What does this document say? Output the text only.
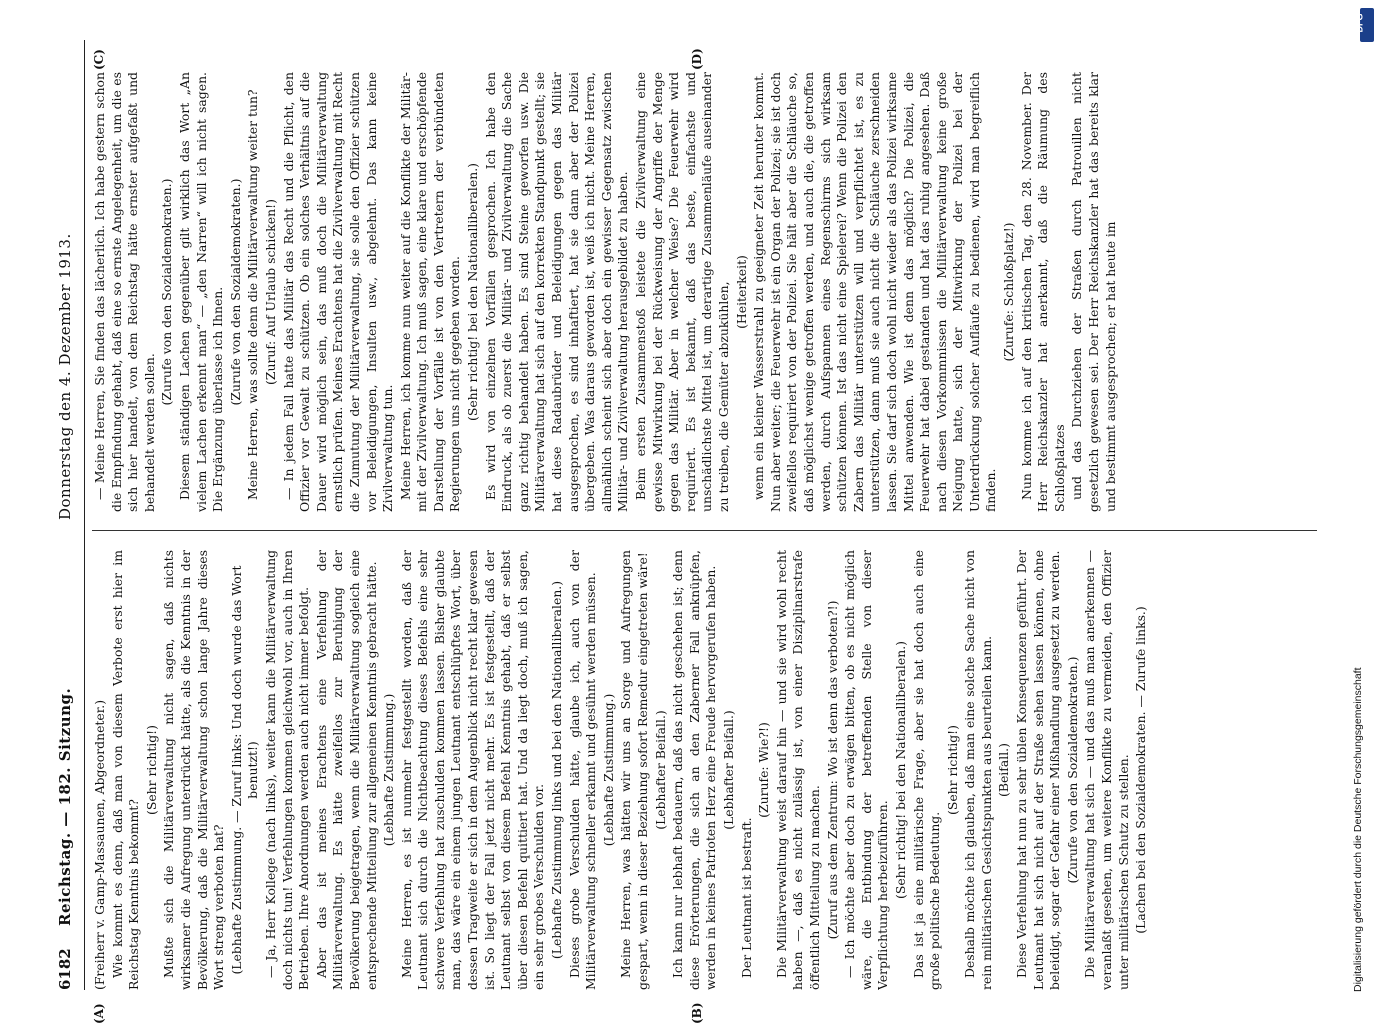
6182
Reichstag. — 182. Sitzung.
Donnerstag den 4. Dezember 1913.
(A)	(B)
(C)	(D)

(Freiherr v. Gamp-Massaunen, Abgeordneter.) Wie kommt es denn, daß man von diesem Verbote erst hier im Reichstag Kenntnis bekommt?

(Sehr richtig!) Mußte sich die Militärverwaltung nicht sagen, daß nichts wirksamer die Aufregung unterdrückt hätte, als die Kenntnis in der Bevölkerung, daß die Militärverwaltung schon lange Jahre dieses Wort streng verboten hat? (Lebhafte Zustimmung. — Zuruf links: Und doch wurde das Wort benutzt!) — Ja, Herr Kollege (nach links), weiter kann die Militärverwaltung doch nichts tun! Verfehlungen kommen gleichwohl vor, auch in Ihren Betrieben. Ihre Anordnungen werden auch nicht immer befolgt. Aber das ist meines Erachtens eine Verfehlung der Militärverwaltung. Es hätte zweifellos zur Beruhigung der Bevölkerung beigetragen, wenn die Militärverwaltung sogleich eine entsprechende Mitteilung zur allgemeinen Kenntnis gebracht hätte. (Lebhafte Zustimmung.) Meine Herren, es ist nunmehr festgestellt worden, daß der Leutnant sich durch die Nichtbeachtung dieses Befehls eine sehr schwere Verfehlung hat zuschulden kommen lassen. Bisher glaubte man, das wäre ein einem jungen Leutnant entschlüpftes Wort, über dessen Tragweite er sich in dem Augenblick nicht recht klar gewesen ist. So liegt der Fall jetzt nicht mehr. Es ist festgestellt, daß der Leutnant selbst von diesem Befehl Kenntnis gehabt, daß er selbst über diesen Befehl quittiert hat. Und da liegt doch, muß ich sagen, ein sehr grobes Verschulden vor. (Lebhafte Zustimmung links und bei den Nationalliberalen.) Dieses grobe Verschulden hätte, glaube ich, auch von der Militärverwaltung schneller erkannt und gesühnt werden müssen. (Lebhafte Zustimmung.) Meine Herren, was hätten wir uns an Sorge und Aufregungen gespart, wenn in dieser Beziehung sofort Remedur eingetreten wäre! (Lebhafter Beifall.) Ich kann nur lebhaft bedauern, daß das nicht geschehen ist; denn diese Erörterungen, die sich an den Zaberner Fall anknüpfen, werden in keines Patrioten Herz eine Freude hervorgerufen haben. (Lebhafter Beifall.)

Der Leutnant ist bestraft.

(Zurufe: Wie?!) Die Militärverwaltung weist darauf hin — und sie wird wohl recht haben —, daß es nicht zulässig ist, von einer Disziplinarstrafe öffentlich Mitteilung zu machen. (Zuruf aus dem Zentrum: Wo ist denn das verboten?!) — Ich möchte aber doch zu erwägen bitten, ob es nicht möglich wäre, die Entbindung der betreffenden Stelle von dieser Verpflichtung herbeizuführen. (Sehr richtig! bei den Nationalliberalen.) Das ist ja eine militärische Frage, aber sie hat doch auch eine große politische Bedeutung.

(Sehr richtig!) Deshalb möchte ich glauben, daß man eine solche Sache nicht von rein militärischen Gesichtspunkten aus beurteilen kann. (Beifall.) Diese Verfehlung hat nun zu sehr üblen Konsequenzen geführt. Der Leutnant hat sich nicht auf der Straße sehen lassen können, ohne beleidigt, sogar der Gefahr einer Mißhandlung ausgesetzt zu werden. (Zurufe von den Sozialdemokraten.) Die Militärverwaltung hat sich — und das muß man anerkennen — veranlaßt gesehen, um weitere Konflikte zu vermeiden, den Offizier unter militärischen Schutz zu stellen. (Lachen bei den Sozialdemokraten. — Zurufe links.)

— Meine Herren, Sie finden das lächerlich. Ich habe gestern schon die Empfindung gehabt, daß eine so ernste Angelegenheit, um die es sich hier handelt, von dem Reichstag hätte ernster aufgefaßt und behandelt werden sollen.

(Zurufe von den Sozialdemokraten.) Diesem ständigen Lachen gegenüber gilt wirklich das Wort „An vielem Lachen erkennt man“ — „den Narren“ will ich nicht sagen. Die Ergänzung überlasse ich Ihnen. (Zurufe von den Sozialdemokraten.) Meine Herren, was sollte denn die Militärverwaltung weiter tun? (Zuruf: Auf Urlaub schicken!) — In jedem Fall hatte das Militär das Recht und die Pflicht, den Offizier vor Gewalt zu schützen. Ob ein solches Verhältnis auf die Dauer wird möglich sein, das muß doch die Militärverwaltung ernstlich prüfen. Meines Erachtens hat die Zivilverwaltung mit Recht die Zumutung der Militärverwaltung, sie solle den Offizier schützen vor Beleidigungen, Insulten usw., abgelehnt. Das kann keine Zivilverwaltung tun. Meine Herren, ich komme nun weiter auf die Konflikte der Militär- mit der Zivilverwaltung. Ich muß sagen, eine klare und erschöpfende Darstellung der Vorfälle ist von den Vertretern der verbündeten Regierungen uns nicht gegeben worden. (Sehr richtig! bei den Nationalliberalen.) Es wird von einzelnen Vorfällen gesprochen. Ich habe den Eindruck, als ob zuerst die Militär- und Zivilverwaltung die Sache ganz richtig behandelt haben. Es sind Steine geworfen usw. Die Militärverwaltung hat sich auf den korrekten Standpunkt gestellt; sie hat diese Radaubrüder und Beleidigungen gegen das Militär ausgesprochen, es sind inhaftiert, hat sie dann aber der Polizei übergeben. Was daraus geworden ist, weiß ich nicht. Meine Herren, allmählich scheint sich aber doch ein gewisser Gegensatz zwischen Militär- und Zivilverwaltung herausgebildet zu haben. Beim ersten Zusammenstoß leistete die Zivilverwaltung eine gewisse Mitwirkung bei der Rückweisung der Angriffe der Menge gegen das Militär. Aber in welcher Weise? Die Feuerwehr wird requiriert. Es ist bekannt, daß das beste, einfachste und unschädlichste Mittel ist, um derartige Zusammenläufe auseinander zu treiben, die Gemüter abzukühlen, (Heiterkeit) wenn ein kleiner Wasserstrahl zu geeigneter Zeit herunter kommt. Nun aber weiter; die Feuerwehr ist ein Organ der Polizei; sie ist doch zweifellos requiriert von der Polizei. Sie hält aber die Schläuche so, daß möglichst wenige getroffen werden, und auch die, die getroffen werden, durch Aufspannen eines Regenschirms sich wirksam schützen können. Ist das nicht eine Spielerei? Wenn die Polizei den Zabern das Militär unterstützen will und verpflichtet ist, es zu unterstützen, dann muß sie auch nicht die Schläuche zerschneiden lassen. Sie darf sich doch wohl nicht wieder als das Polizei wirksame Mittel anwenden. Wie ist denn das möglich? Die Polizei, die Feuerwehr hat dabei gestanden und hat das ruhig angesehen. Daß nach diesen Vorkommnissen die Militärverwaltung keine große Neigung hatte, sich der Mitwirkung der Polizei bei der Unterdrückung solcher Aufläufe zu bedienen, wird man begreiflich finden.

(Zurufe: Schloßplatz!) Nun komme ich auf den kritischen Tag, den 28. November. Der Herr Reichskanzler hat anerkannt, daß die Räumung des Schloßplatzes und das Durchziehen der Straßen durch Patrouillen nicht gesetzlich gewesen sei. Der Herr Reichskanzler hat das bereits klar und bestimmt ausgesprochen; er hat heute im

DFG
Digitalisierung gefördert durch die Deutsche Forschungsgemeinschaft
